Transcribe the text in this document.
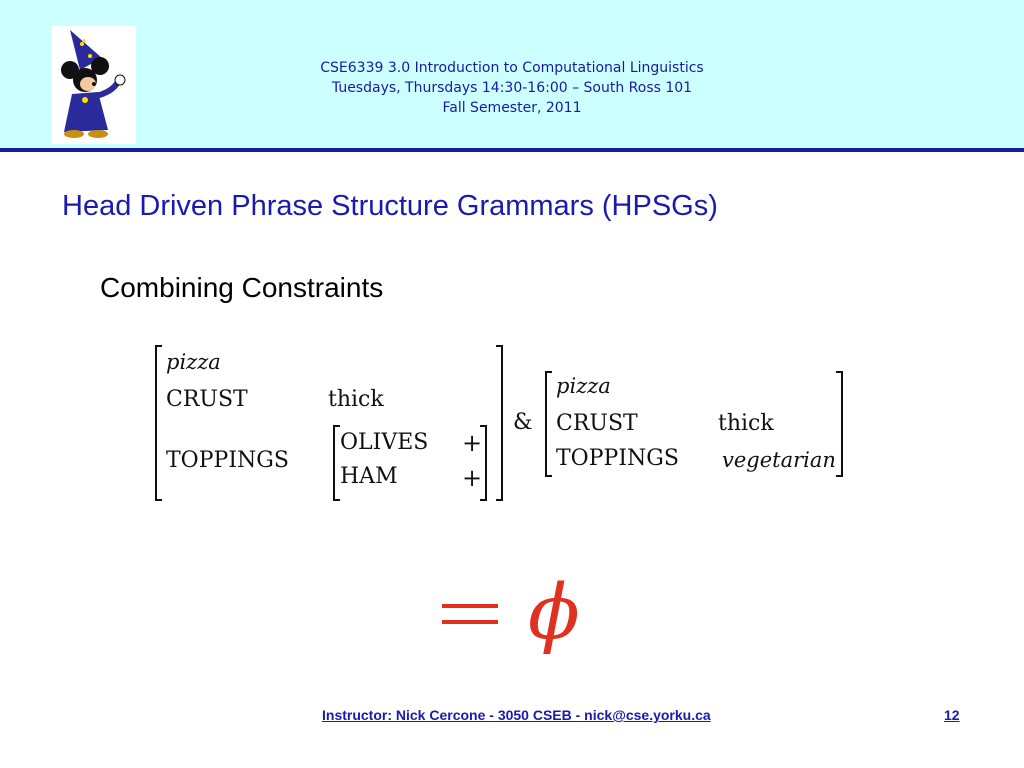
CSE6339 3.0 Introduction to Computational Linguistics
Tuesdays, Thursdays 14:30-16:00 – South Ross 101
Fall Semester, 2011
Head Driven Phrase Structure Grammars (HPSGs)
Combining Constraints
pizza
CRUST	thick
TOPPINGS
OLIVES +
HAM	+
&
pizza
CRUST	thick
TOPPINGS vegetarian
ϕ
Instructor: Nick Cercone - 3050 CSEB - nick@cse.yorku.ca	12
